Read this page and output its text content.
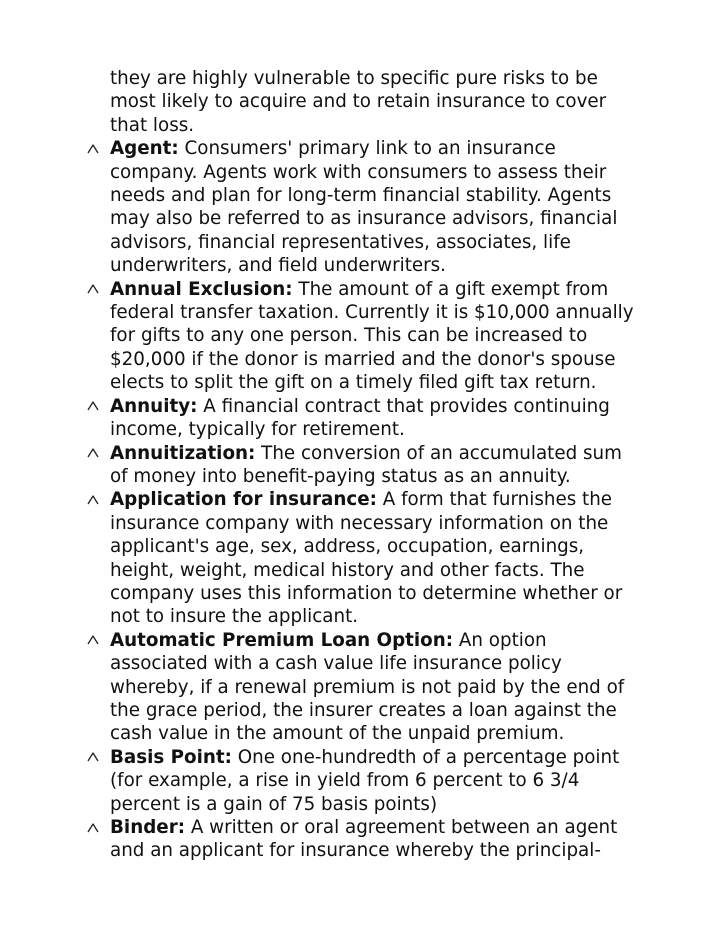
they are highly vulnerable to specific pure risks to be
most likely to acquire and to retain insurance to cover
that loss.
Agent: Consumers' primary link to an insurance
company. Agents work with consumers to assess their
needs and plan for long-term financial stability. Agents
may also be referred to as insurance advisors, financial
advisors, financial representatives, associates, life
underwriters, and field underwriters.
Annual Exclusion: The amount of a gift exempt from
federal transfer taxation. Currently it is $10,000 annually
for gifts to any one person. This can be increased to
$20,000 if the donor is married and the donor's spouse
elects to split the gift on a timely filed gift tax return.
Annuity: A financial contract that provides continuing
income, typically for retirement.
Annuitization: The conversion of an accumulated sum
of money into benefit-paying status as an annuity.
Application for insurance: A form that furnishes the
insurance company with necessary information on the
applicant's age, sex, address, occupation, earnings,
height, weight, medical history and other facts. The
company uses this information to determine whether or
not to insure the applicant.
Automatic Premium Loan Option: An option
associated with a cash value life insurance policy
whereby, if a renewal premium is not paid by the end of
the grace period, the insurer creates a loan against the
cash value in the amount of the unpaid premium.
Basis Point: One one-hundredth of a percentage point
(for example, a rise in yield from 6 percent to 6 3/4
percent is a gain of 75 basis points)
Binder: A written or oral agreement between an agent
and an applicant for insurance whereby the principal-
